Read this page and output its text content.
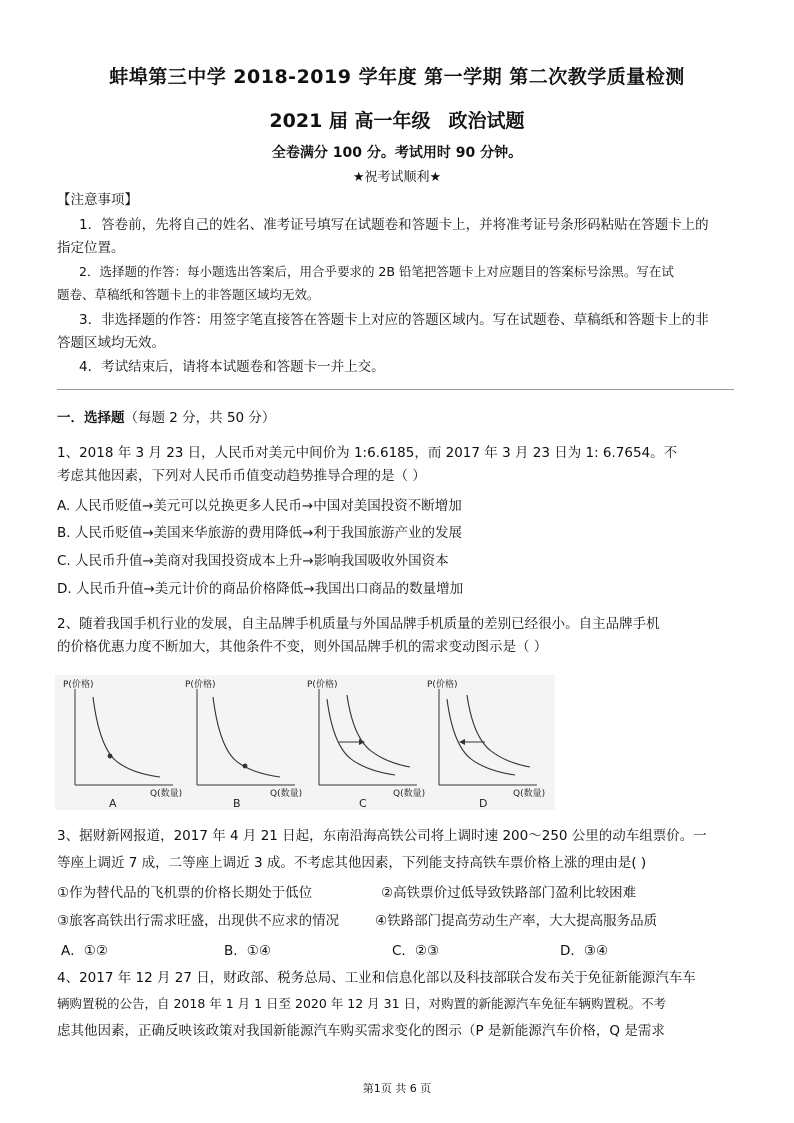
蚌埠第三中学 2018-2019 学年度 第一学期 第二次教学质量检测
2021 届 高一年级 政治试题
全卷满分 100 分。考试用时 90 分钟。
★祝考试顺利★
【注意事项】
1．答卷前，先将自己的姓名、准考证号填写在试题卷和答题卡上，并将准考证号条形码粘贴在答题卡上的
指定位置。
2．选择题的作答：每小题选出答案后，用合乎要求的 2B 铅笔把答题卡上对应题目的答案标号涂黑。写在试
题卷、草稿纸和答题卡上的非答题区域均无效。
3．非选择题的作答：用签字笔直接答在答题卡上对应的答题区域内。写在试题卷、草稿纸和答题卡上的非
答题区域均无效。
4．考试结束后，请将本试题卷和答题卡一并上交。
一．选择题（每题 2 分，共 50 分）
1、2018 年 3 月 23 日，人民币对美元中间价为 1:6.6185，而 2017 年 3 月 23 日为 1: 6.7654。不
考虑其他因素，下列对人民币币值变动趋势推导合理的是（ ）
A. 人民币贬值→美元可以兑换更多人民币→中国对美国投资不断增加
B. 人民币贬值→美国来华旅游的费用降低→利于我国旅游产业的发展
C. 人民币升值→美商对我国投资成本上升→影响我国吸收外国资本
D. 人民币升值→美元计价的商品价格降低→我国出口商品的数量增加
2、随着我国手机行业的发展，自主品牌手机质量与外国品牌手机质量的差别已经很小。自主品牌手机
的价格优惠力度不断加大，其他条件不变，则外国品牌手机的需求变动图示是（ ）
P(价格)
Q(数量)
A
P(价格)
Q(数量)
B
P(价格)
Q(数量)
C
P(价格)
Q(数量)
D
3、据财新网报道，2017 年 4 月 21 日起，东南沿海高铁公司将上调时速 200～250 公里的动车组票价。一
等座上调近 7 成，二等座上调近 3 成。不考虑其他因素，下列能支持高铁车票价格上涨的理由是( )
①作为替代品的飞机票的价格长期处于低位	②高铁票价过低导致铁路部门盈利比较困难
③旅客高铁出行需求旺盛，出现供不应求的情况	④铁路部门提高劳动生产率，大大提高服务品质
A．①②	B．①④	C．②③	D．③④
4、2017 年 12 月 27 日，财政部、税务总局、工业和信息化部以及科技部联合发布关于免征新能源汽车车
辆购置税的公告，自 2018 年 1 月 1 日至 2020 年 12 月 31 日，对购置的新能源汽车免征车辆购置税。不考
虑其他因素，正确反映该政策对我国新能源汽车购买需求变化的图示（P 是新能源汽车价格，Q 是需求
第1页 共 6 页
